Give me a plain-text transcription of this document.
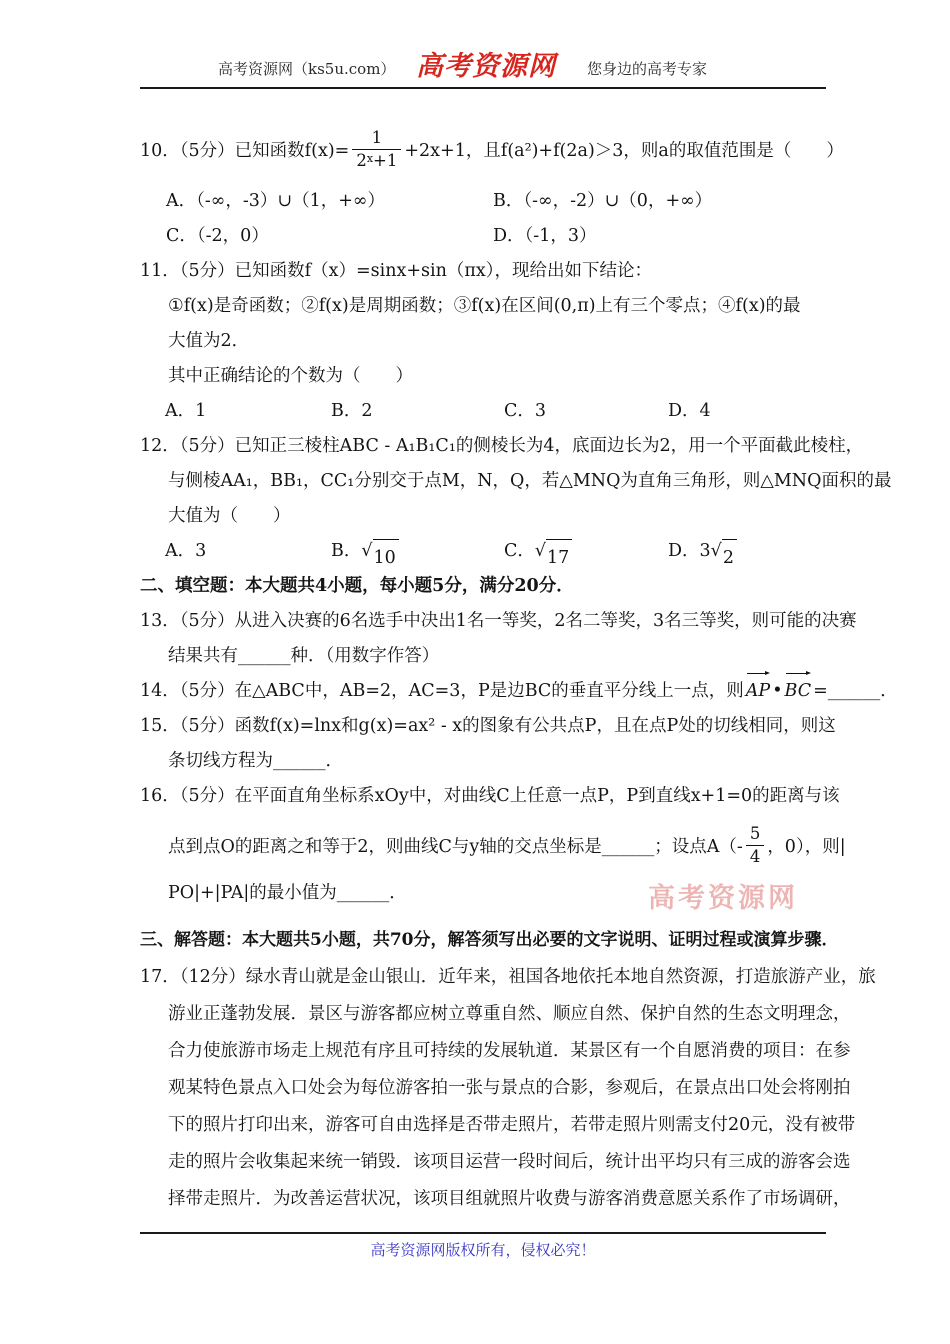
高考资源网（ks5u.com） 高考资源网 您身边的高考专家
10．（5分）已知函数$f(x)= \frac{1}{2^x+1} +2x+1$，且f(a²)+f(2a)＞3，则a的取值范围是（　　）
A．（-∞，-3）∪（1，+∞）	B．（-∞，-2）∪（0，+∞）
C．（-2，0）	D．（-1，3）
11．（5分）已知函数f（x）=sinx+sin（πx），现给出如下结论：
①f(x)是奇函数；②f(x)是周期函数；③f(x)在区间(0,π)上有三个零点；④f(x)的最
大值为2．
其中正确结论的个数为（　　）
A．1	B．2	C．3	D．4
12．（5分）已知正三棱柱ABC - A₁B₁C₁的侧棱长为4，底面边长为2，用一个平面截此棱柱，
与侧棱AA₁，BB₁，CC₁分别交于点M，N，Q，若△MNQ为直角三角形，则△MNQ面积的最
大值为（　　）
A．3	B． √ 10	C． √ 17	D．3 √ 2
二、填空题：本大题共4小题，每小题5分，满分20分．
13．（5分）从进入决赛的6名选手中决出1名一等奖，2名二等奖，3名三等奖，则可能的决赛
结果共有______种．（用数字作答）
14．（5分）在△ABC中，AB=2，AC=3，P是边BC的垂直平分线上一点，则 AP • BC =______．
15．（5分）函数f(x)=lnx和g(x)=ax² - x的图象有公共点P，且在点P处的切线相同，则这
条切线方程为______．
16．（5分）在平面直角坐标系xOy中，对曲线C上任意一点P，P到直线x+1=0的距离与该
点到点O的距离之和等于2，则曲线C与y轴的交点坐标是______；设点$A(- \frac{5}{4}$ ，0），则|
PO|+|PA|的最小值为______．
三、解答题：本大题共5小题，共70分，解答须写出必要的文字说明、证明过程或演算步骤．
17．（12分）绿水青山就是金山银山．近年来，祖国各地依托本地自然资源，打造旅游产业，旅
游业正蓬勃发展．景区与游客都应树立尊重自然、顺应自然、保护自然的生态文明理念，
合力使旅游市场走上规范有序且可持续的发展轨道．某景区有一个自愿消费的项目：在参
观某特色景点入口处会为每位游客拍一张与景点的合影，参观后，在景点出口处会将刚拍
下的照片打印出来，游客可自由选择是否带走照片，若带走照片则需支付20元，没有被带
走的照片会收集起来统一销毁．该项目运营一段时间后，统计出平均只有三成的游客会选
择带走照片．为改善运营状况，该项目组就照片收费与游客消费意愿关系作了市场调研，
高考资源网
高考资源网版权所有，侵权必究！
